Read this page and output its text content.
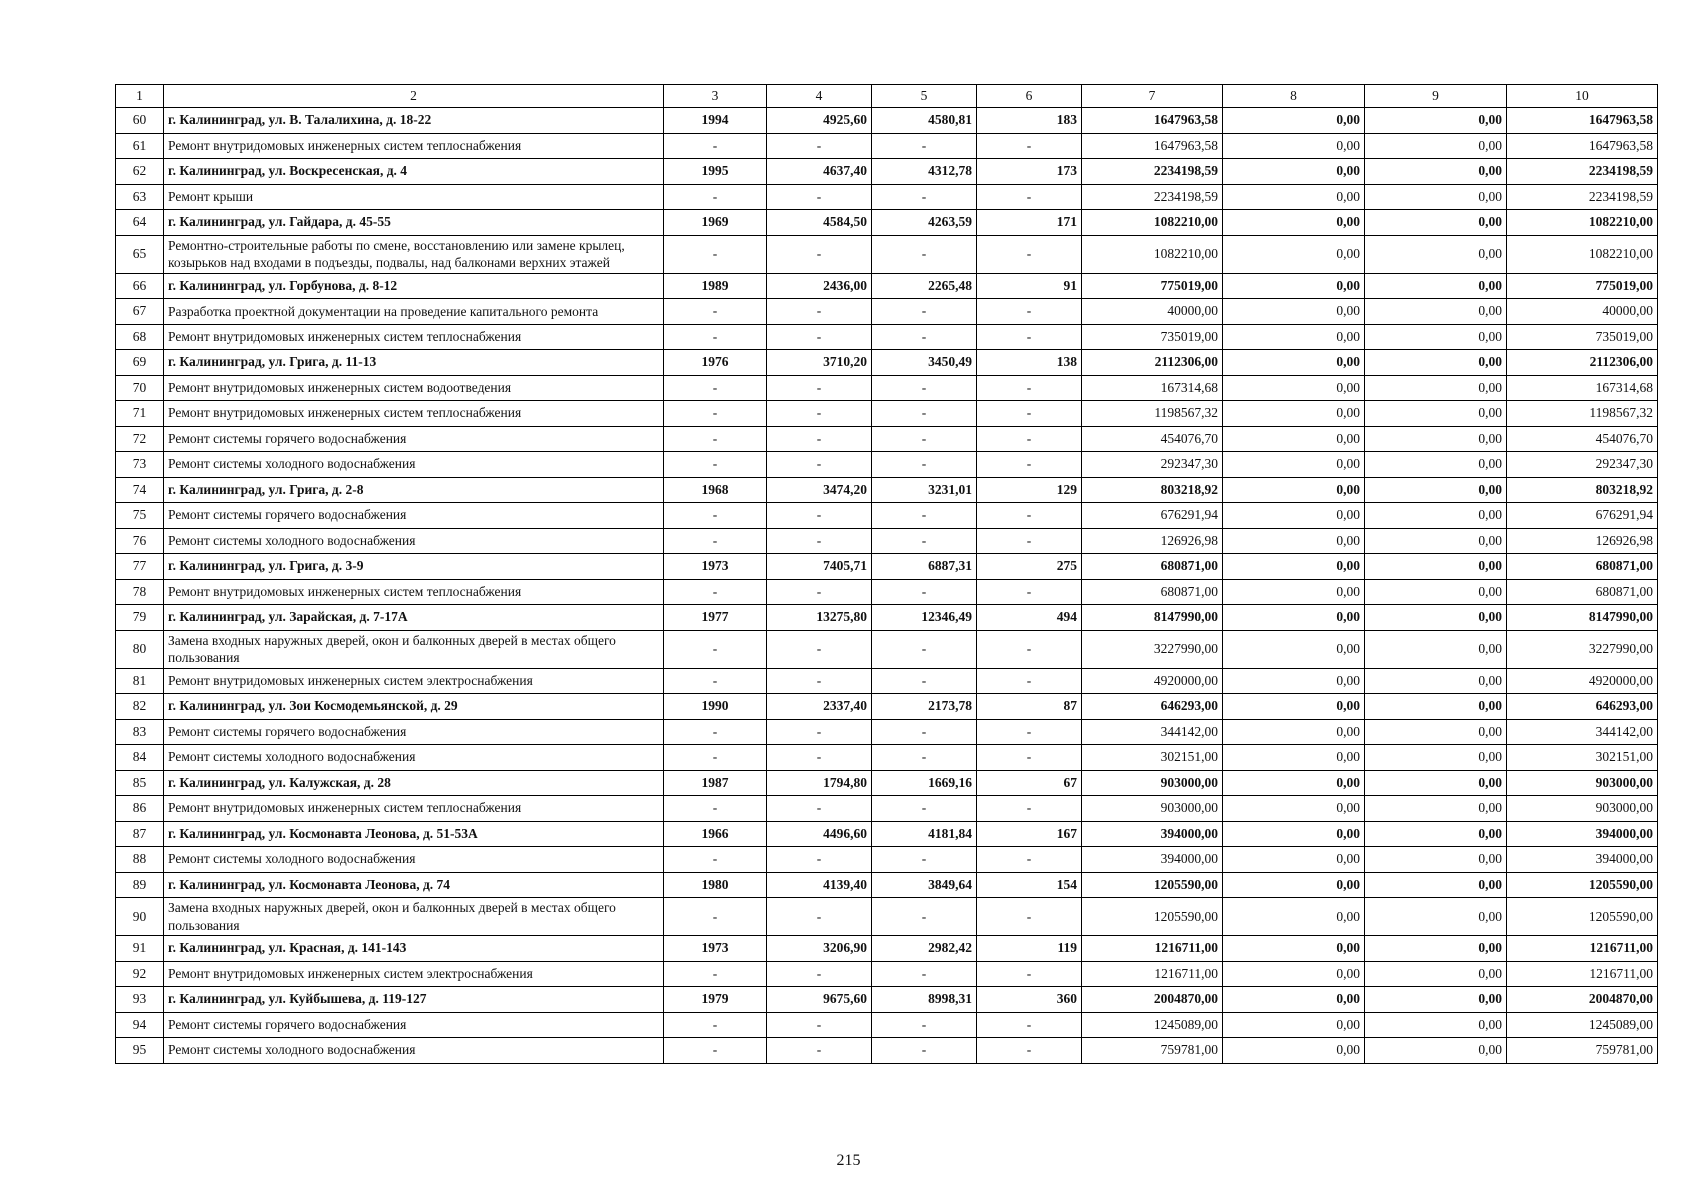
1	2	3	4	5	6	7	8	9	10
60	г. Калининград, ул. В. Талалихина, д. 18-22	1994	4925,60	4580,81	183	1647963,58	0,00	0,00	1647963,58
61	Ремонт внутридомовых инженерных систем теплоснабжения	-	-	-	-	1647963,58	0,00	0,00	1647963,58
62	г. Калининград, ул. Воскресенская, д. 4	1995	4637,40	4312,78	173	2234198,59	0,00	0,00	2234198,59
63	Ремонт крыши	-	-	-	-	2234198,59	0,00	0,00	2234198,59
64	г. Калининград, ул. Гайдара, д. 45-55	1969	4584,50	4263,59	171	1082210,00	0,00	0,00	1082210,00
65	Ремонтно-строительные работы по смене, восстановлению или замене крылец, козырьков над входами в подъезды, подвалы, над балконами верхних этажей	-	-	-	-	1082210,00	0,00	0,00	1082210,00
66	г. Калининград, ул. Горбунова, д. 8-12	1989	2436,00	2265,48	91	775019,00	0,00	0,00	775019,00
67	Разработка проектной документации на проведение капитального ремонта	-	-	-	-	40000,00	0,00	0,00	40000,00
68	Ремонт внутридомовых инженерных систем теплоснабжения	-	-	-	-	735019,00	0,00	0,00	735019,00
69	г. Калининград, ул. Грига, д. 11-13	1976	3710,20	3450,49	138	2112306,00	0,00	0,00	2112306,00
70	Ремонт внутридомовых инженерных систем водоотведения	-	-	-	-	167314,68	0,00	0,00	167314,68
71	Ремонт внутридомовых инженерных систем теплоснабжения	-	-	-	-	1198567,32	0,00	0,00	1198567,32
72	Ремонт системы горячего водоснабжения	-	-	-	-	454076,70	0,00	0,00	454076,70
73	Ремонт системы холодного водоснабжения	-	-	-	-	292347,30	0,00	0,00	292347,30
74	г. Калининград, ул. Грига, д. 2-8	1968	3474,20	3231,01	129	803218,92	0,00	0,00	803218,92
75	Ремонт системы горячего водоснабжения	-	-	-	-	676291,94	0,00	0,00	676291,94
76	Ремонт системы холодного водоснабжения	-	-	-	-	126926,98	0,00	0,00	126926,98
77	г. Калининград, ул. Грига, д. 3-9	1973	7405,71	6887,31	275	680871,00	0,00	0,00	680871,00
78	Ремонт внутридомовых инженерных систем теплоснабжения	-	-	-	-	680871,00	0,00	0,00	680871,00
79	г. Калининград, ул. Зарайская, д. 7-17А	1977	13275,80	12346,49	494	8147990,00	0,00	0,00	8147990,00
80	Замена входных наружных дверей, окон и балконных дверей в местах общего пользования	-	-	-	-	3227990,00	0,00	0,00	3227990,00
81	Ремонт внутридомовых инженерных систем электроснабжения	-	-	-	-	4920000,00	0,00	0,00	4920000,00
82	г. Калининград, ул. Зои Космодемьянской, д. 29	1990	2337,40	2173,78	87	646293,00	0,00	0,00	646293,00
83	Ремонт системы горячего водоснабжения	-	-	-	-	344142,00	0,00	0,00	344142,00
84	Ремонт системы холодного водоснабжения	-	-	-	-	302151,00	0,00	0,00	302151,00
85	г. Калининград, ул. Калужская, д. 28	1987	1794,80	1669,16	67	903000,00	0,00	0,00	903000,00
86	Ремонт внутридомовых инженерных систем теплоснабжения	-	-	-	-	903000,00	0,00	0,00	903000,00
87	г. Калининград, ул. Космонавта Леонова, д. 51-53А	1966	4496,60	4181,84	167	394000,00	0,00	0,00	394000,00
88	Ремонт системы холодного водоснабжения	-	-	-	-	394000,00	0,00	0,00	394000,00
89	г. Калининград, ул. Космонавта Леонова, д. 74	1980	4139,40	3849,64	154	1205590,00	0,00	0,00	1205590,00
90	Замена входных наружных дверей, окон и балконных дверей в местах общего пользования	-	-	-	-	1205590,00	0,00	0,00	1205590,00
91	г. Калининград, ул. Красная, д. 141-143	1973	3206,90	2982,42	119	1216711,00	0,00	0,00	1216711,00
92	Ремонт внутридомовых инженерных систем электроснабжения	-	-	-	-	1216711,00	0,00	0,00	1216711,00
93	г. Калининград, ул. Куйбышева, д. 119-127	1979	9675,60	8998,31	360	2004870,00	0,00	0,00	2004870,00
94	Ремонт системы горячего водоснабжения	-	-	-	-	1245089,00	0,00	0,00	1245089,00
95	Ремонт системы холодного водоснабжения	-	-	-	-	759781,00	0,00	0,00	759781,00
215
